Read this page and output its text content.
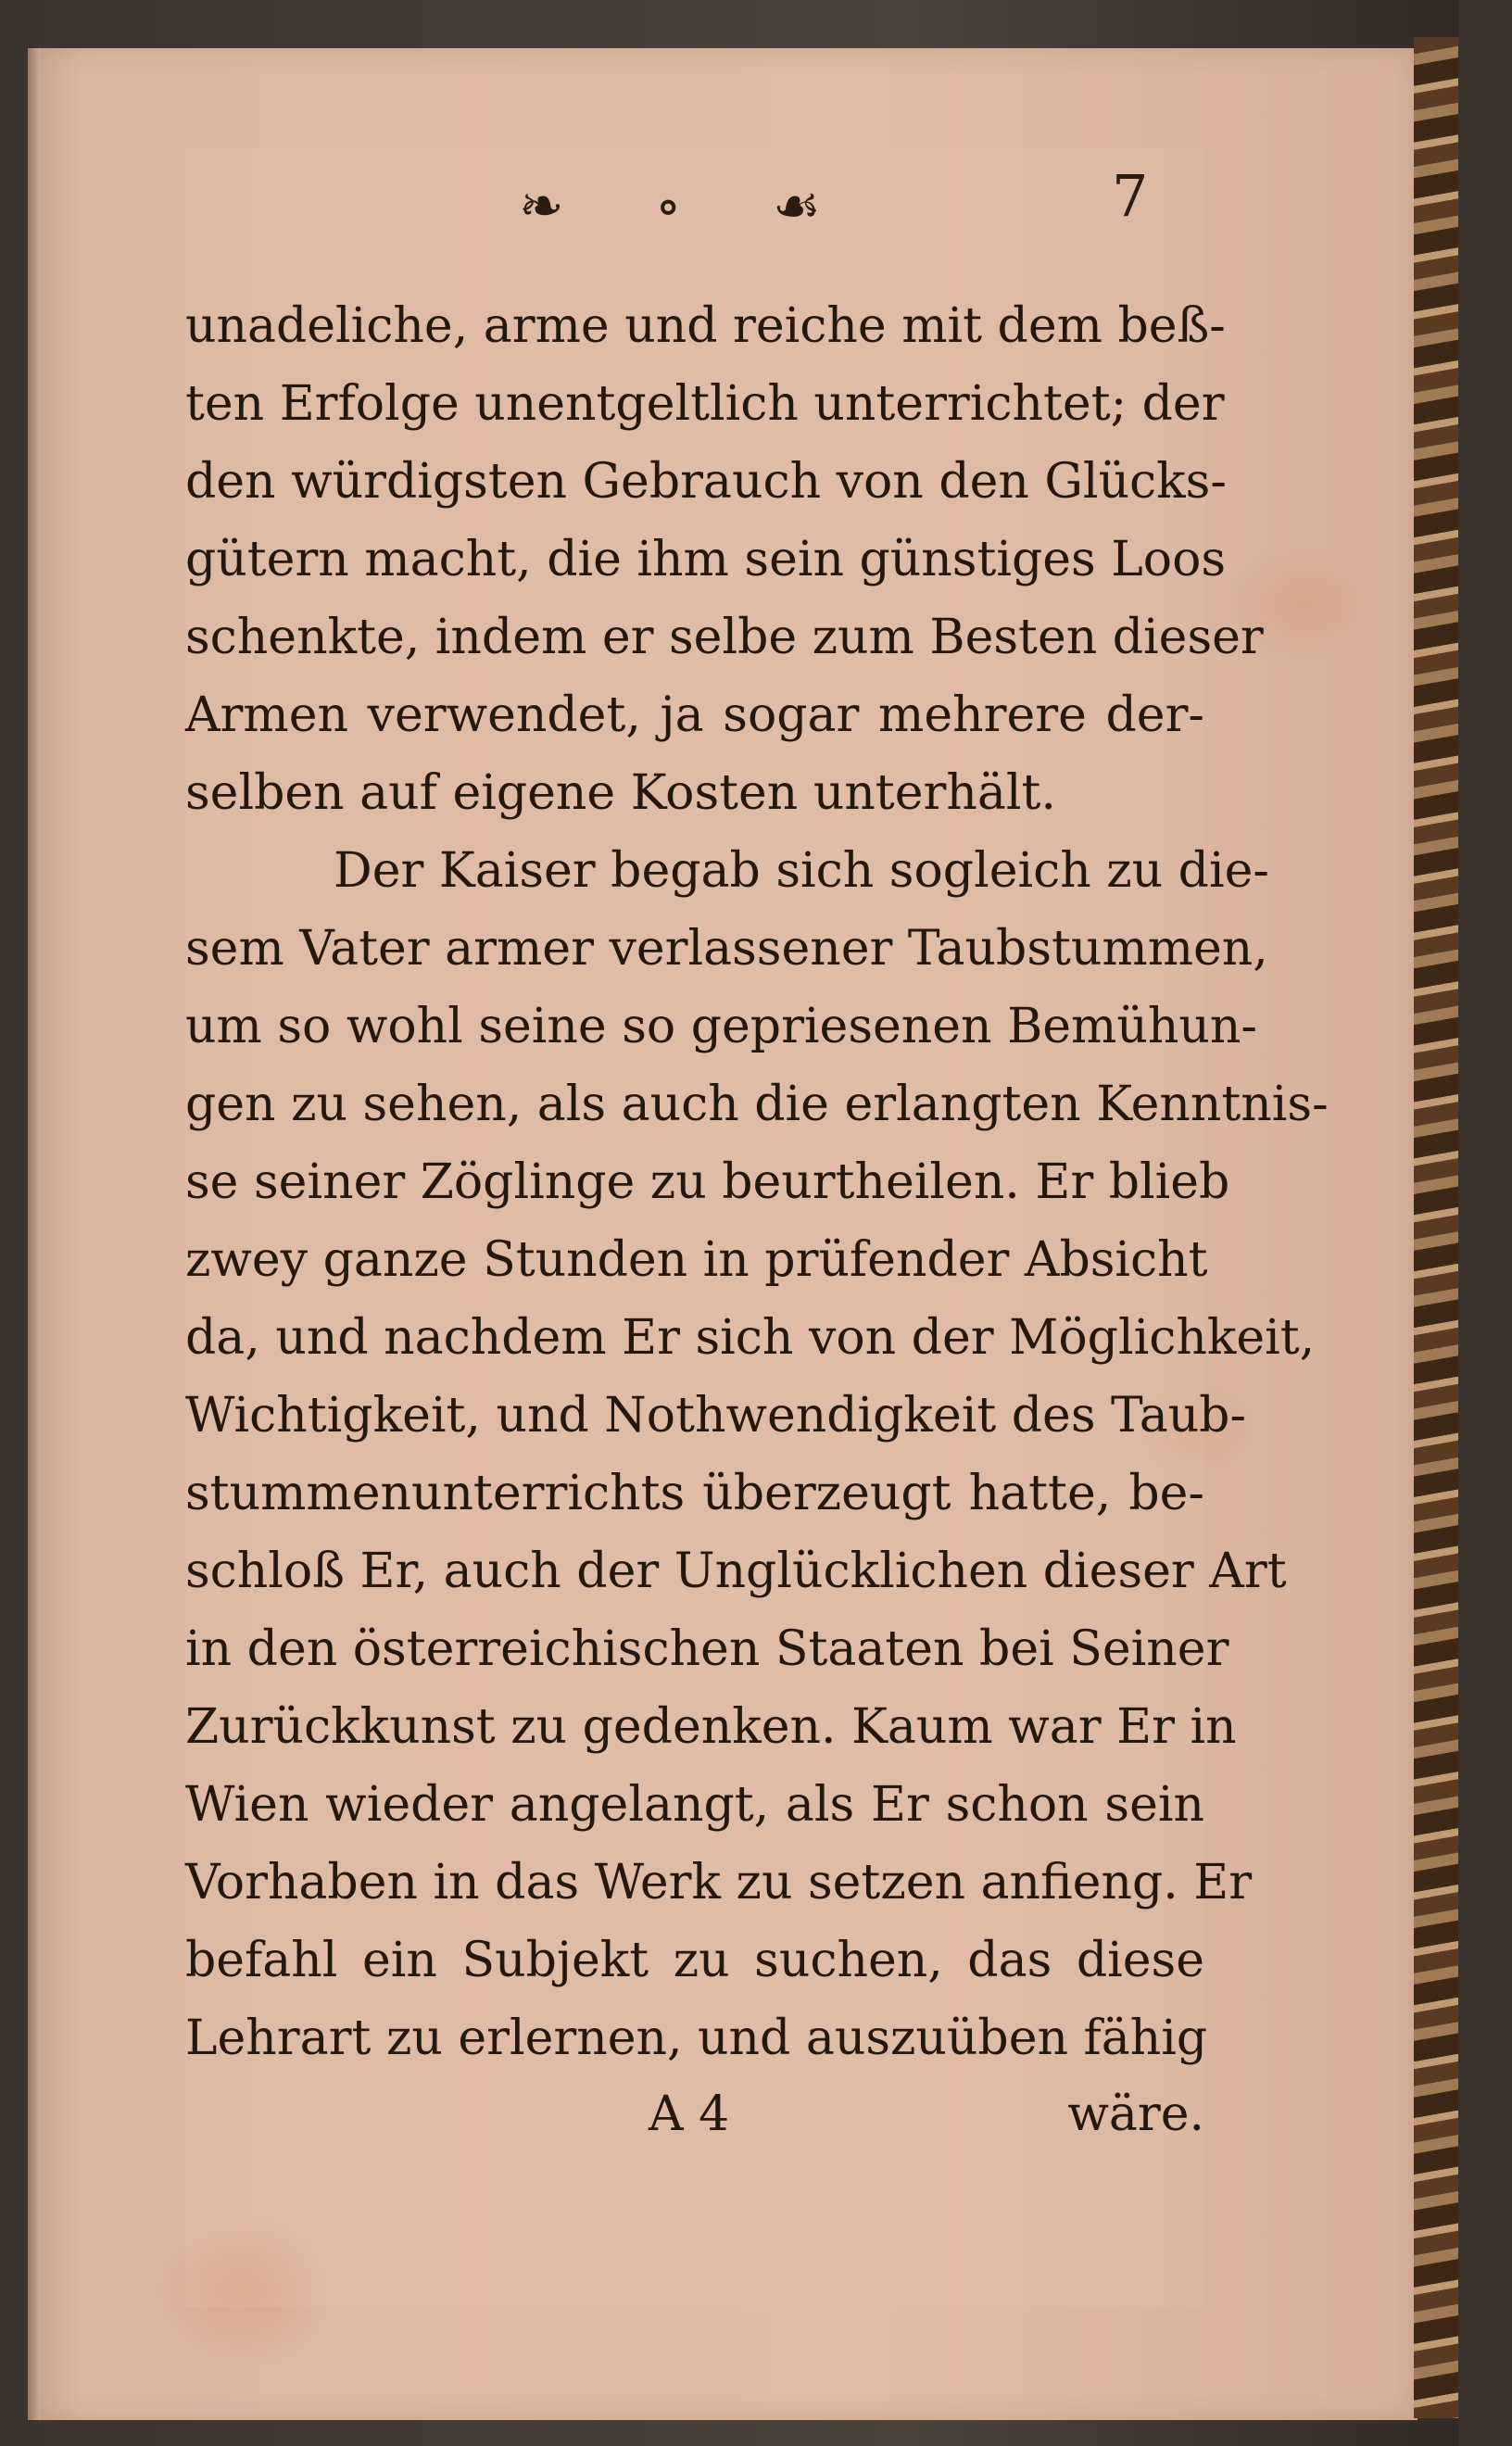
❧ ∘ ☙	7
unadeliche, arme und reiche mit dem beß-
ten Erfolge unentgeltlich unterrichtet; der
den würdigsten Gebrauch von den Glücks-
gütern macht, die ihm sein günstiges Loos
schenkte, indem er selbe zum Besten dieser
Armen verwendet, ja sogar mehrere der-
selben auf eigene Kosten unterhält.
Der Kaiser begab sich sogleich zu die-
sem Vater armer verlassener Taubstummen,
um so wohl seine so gepriesenen Bemühun-
gen zu sehen, als auch die erlangten Kenntnis-
se seiner Zöglinge zu beurtheilen. Er blieb
zwey ganze Stunden in prüfender Absicht
da, und nachdem Er sich von der Möglichkeit,
Wichtigkeit, und Nothwendigkeit des Taub-
stummenunterrichts überzeugt hatte, be-
schloß Er, auch der Unglücklichen dieser Art
in den österreichischen Staaten bei Seiner
Zurückkunst zu gedenken. Kaum war Er in
Wien wieder angelangt, als Er schon sein
Vorhaben in das Werk zu setzen anfieng. Er
befahl ein Subjekt zu suchen, das diese
Lehrart zu erlernen, und auszuüben fähig
A 4	wäre.
